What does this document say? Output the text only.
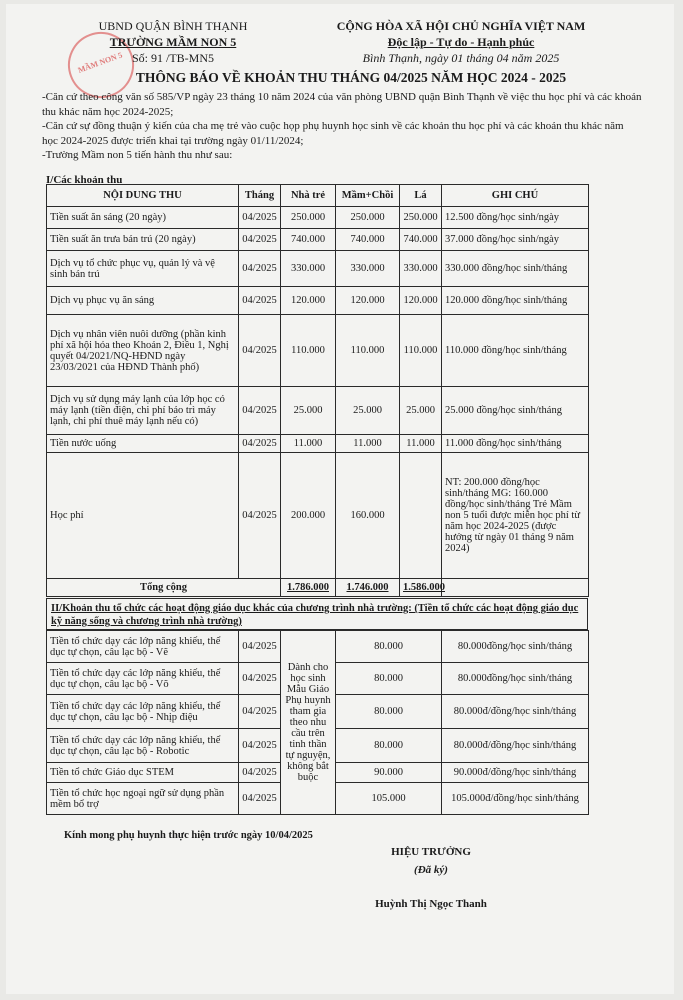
MẦM NON 5
UBND QUẬN BÌNH THẠNH
TRƯỜNG MẦM NON 5
Số: 91 /TB-MN5
CỘNG HÒA XÃ HỘI CHỦ NGHĨA VIỆT NAM
Độc lập - Tự do - Hạnh phúc
Bình Thạnh, ngày 01 tháng 04 năm 2025
THÔNG BÁO VỀ KHOẢN THU THÁNG 04/2025 NĂM HỌC 2024 - 2025

-Căn cứ theo công văn số 585/VP ngày 23 tháng 10 năm 2024 của văn phòng UBND quận Bình Thạnh về việc thu học phí và các khoản thu khác năm học 2024-2025;

-Căn cứ sự đồng thuận ý kiến của cha mẹ trẻ vào cuộc họp phụ huynh học sinh về các khoản thu học phí và các khoản thu khác năm học 2024-2025 được triển khai tại trường ngày 01/11/2024;

-Trường Mầm non 5 tiến hành thu như sau:

I/Các khoản thu
NỘI DUNG THU	Tháng	Nhà trẻ	Mầm+Chồi	Lá	GHI CHÚ
Tiền suất ăn sáng (20 ngày)	04/2025	250.000	250.000	250.000	12.500 đồng/học sinh/ngày
Tiền suất ăn trưa bán trú (20 ngày)	04/2025	740.000	740.000	740.000	37.000 đồng/học sinh/ngày
Dịch vụ tổ chức phục vụ, quản lý và vệ sinh bán trú	04/2025	330.000	330.000	330.000	330.000 đồng/học sinh/tháng
Dịch vụ phục vụ ăn sáng	04/2025	120.000	120.000	120.000	120.000 đồng/học sinh/tháng
Dịch vụ nhân viên nuôi dưỡng (phần kinh phí xã hội hóa theo Khoản 2, Điều 1, Nghị quyết 04/2021/NQ-HĐND ngày 23/03/2021 của HĐND Thành phố)	04/2025	110.000	110.000	110.000	110.000 đồng/học sinh/tháng
Dịch vụ sử dụng máy lạnh của lớp học có máy lạnh (tiền điện, chi phí bảo trì máy lạnh, chi phí thuê máy lạnh nếu có)	04/2025	25.000	25.000	25.000	25.000 đồng/học sinh/tháng
Tiền nước uống	04/2025	11.000	11.000	11.000	11.000 đồng/học sinh/tháng
Học phí	04/2025	200.000	160.000		NT: 200.000 đồng/học sinh/tháng MG: 160.000 đồng/học sinh/tháng Trẻ Mầm non 5 tuổi được miễn học phí từ năm học 2024-2025 (được hưởng từ ngày 01 tháng 9 năm 2024)
Tổng cộng		1.786.000	1.746.000	1.586.000	
II/Khoản thu tổ chức các hoạt động giáo dục khác của chương trình nhà trường: (Tiền tổ chức các hoạt động giáo dục kỹ năng sống và chương trình nhà trường)
Tiền tổ chức dạy các lớp năng khiếu, thể dục tự chọn, câu lạc bộ - Vẽ	04/2025	Dành cho học sinh Mẫu Giáo Phụ huynh tham gia theo nhu cầu trên tinh thần tự nguyện, không bắt buộc	80.000	80.000đồng/học sinh/tháng
Tiền tổ chức dạy các lớp năng khiếu, thể dục tự chọn, câu lạc bộ - Võ	04/2025		80.000	80.000đồng/học sinh/tháng
Tiền tổ chức dạy các lớp năng khiếu, thể dục tự chọn, câu lạc bộ - Nhịp điệu	04/2025		80.000	80.000đ/đồng/học sinh/tháng
Tiền tổ chức dạy các lớp năng khiếu, thể dục tự chọn, câu lạc bộ - Robotic	04/2025		80.000	80.000đ/đồng/học sinh/tháng
Tiền tổ chức Giáo dục STEM	04/2025		90.000	90.000đ/đồng/học sinh/tháng
Tiền tổ chức học ngoại ngữ sử dụng phần mềm bổ trợ	04/2025		105.000	105.000đ/đồng/học sinh/tháng
Kính mong phụ huynh thực hiện trước ngày 10/04/2025
HIỆU TRƯỞNG
(Đã ký)
Huỳnh Thị Ngọc Thanh
